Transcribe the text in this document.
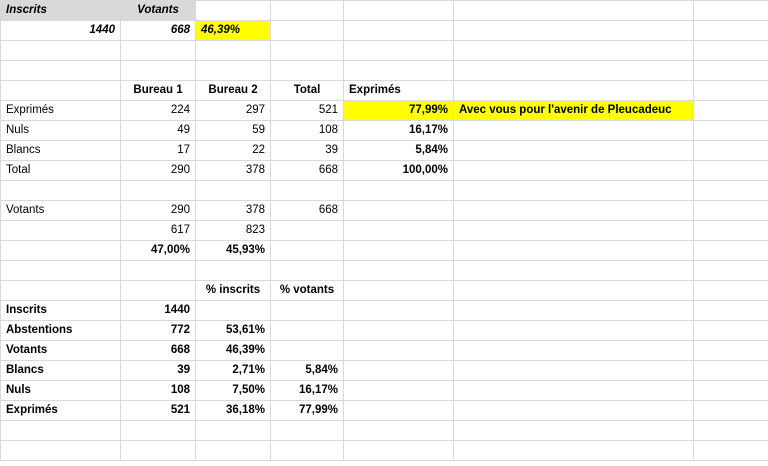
Inscrits	Votants					
1440	668	46,39%				

	Bureau 1	Bureau 2	Total	Exprimés		
Exprimés	224	297	521	77,99%	Avec vous pour l'avenir de Pleucadeuc	
Nuls	49	59	108	16,17%		
Blancs	17	22	39	5,84%		
Total	290	378	668	100,00%		

Votants	290	378	668			
	617	823				
	47,00%	45,93%				

		% inscrits	% votants			
Inscrits	1440					
Abstentions	772	53,61%				
Votants	668	46,39%				
Blancs	39	2,71%	5,84%			
Nuls	108	7,50%	16,17%			
Exprimés	521	36,18%	77,99%			
